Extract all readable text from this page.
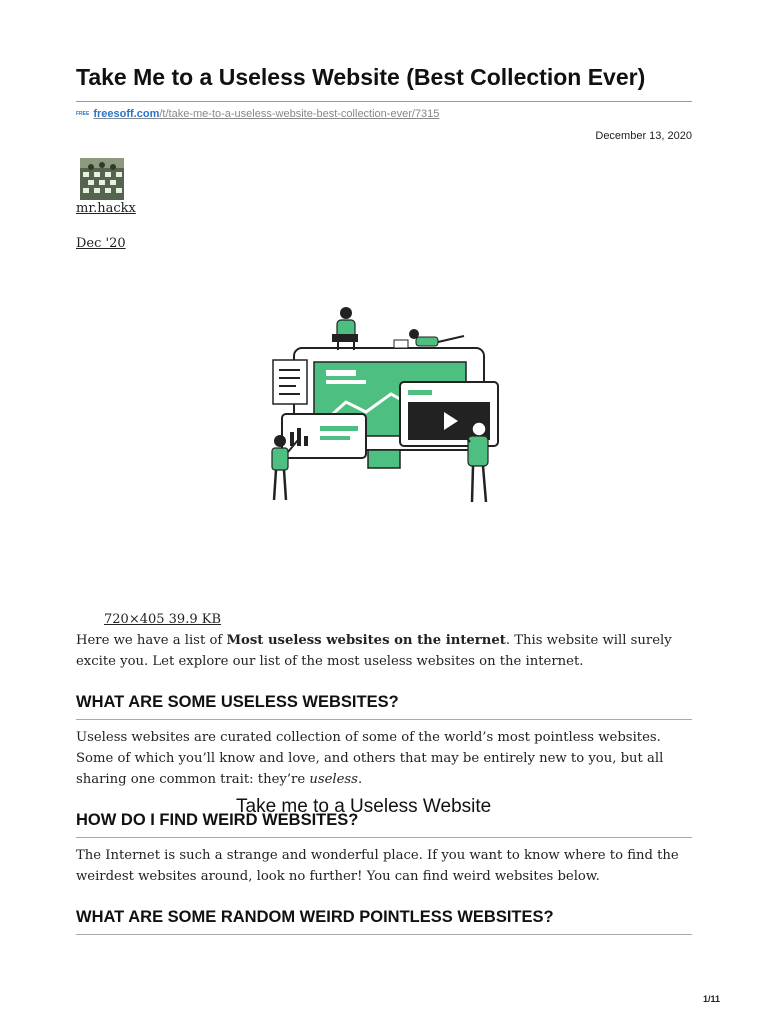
Take Me to a Useless Website (Best Collection Ever)
FREE freesoff.com/t/take-me-to-a-useless-website-best-collection-ever/7315
December 13, 2020
mr.hackx
Dec '20
Take me to a Useless Website
720×405 39.9 KB

Here we have a list of Most useless websites on the internet. This website will surely excite you. Let explore our list of the most useless websites on the internet.

WHAT ARE SOME USELESS WEBSITES?

Useless websites are curated collection of some of the world’s most pointless websites. Some of which you’ll know and love, and others that may be entirely new to you, but all sharing one common trait: they’re useless.

HOW DO I FIND WEIRD WEBSITES?

The Internet is such a strange and wonderful place. If you want to know where to find the weirdest websites around, look no further! You can find weird websites below.

WHAT ARE SOME RANDOM WEIRD POINTLESS WEBSITES?
1/11
